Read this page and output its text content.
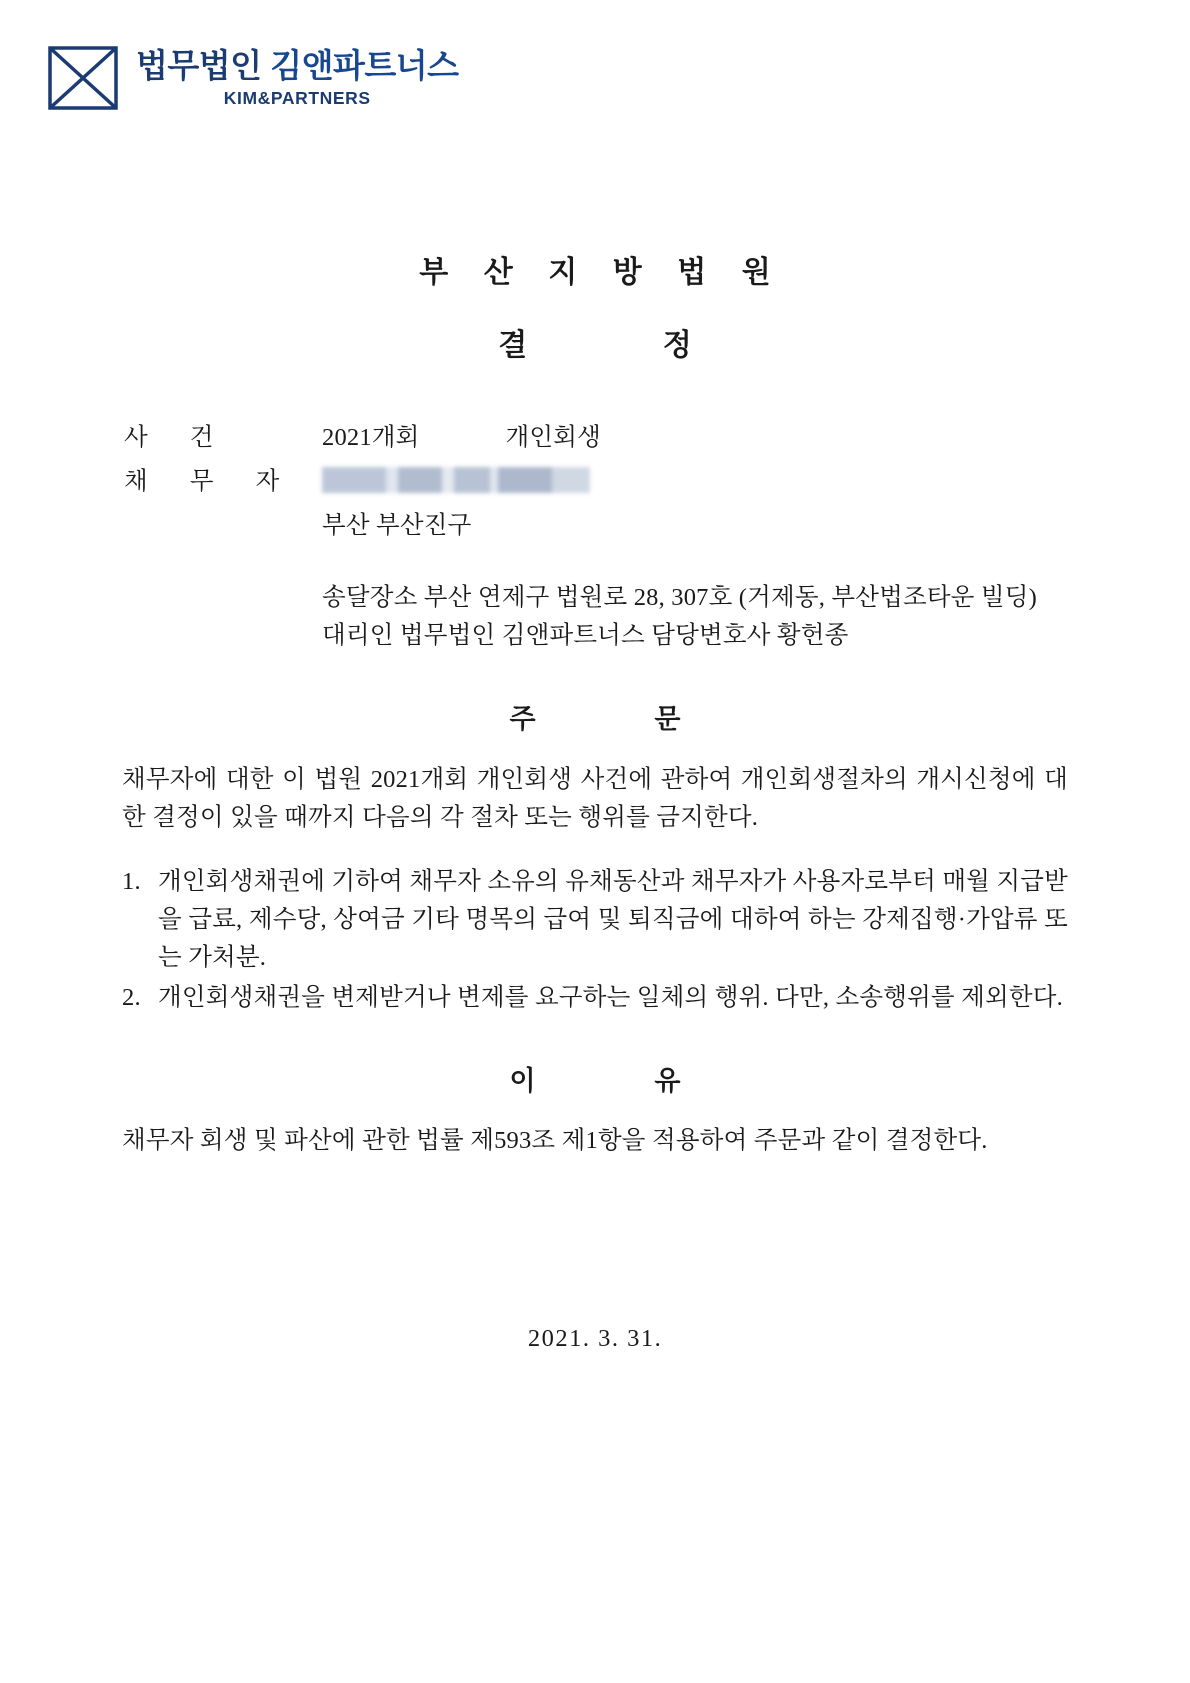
법무법인 김앤파트너스
KIM&PARTNERS
부 산 지 방 법 원
결 정
사 건	2021개회	개인회생
채 무 자
부산 부산진구
송달장소 부산 연제구 법원로 28, 307호 (거제동, 부산법조타운 빌딩)
대리인 법무법인 김앤파트너스 담당변호사 황헌종
주 문

채무자에 대한 이 법원 2021개회 개인회생 사건에 관하여 개인회생절차의 개시신청에 대한 결정이 있을 때까지 다음의 각 절차 또는 행위를 금지한다.

1. 개인회생채권에 기하여 채무자 소유의 유채동산과 채무자가 사용자로부터 매월 지급받을 급료, 제수당, 상여금 기타 명목의 급여 및 퇴직금에 대하여 하는 강제집행·가압류 또는 가처분.
2. 개인회생채권을 변제받거나 변제를 요구하는 일체의 행위. 다만, 소송행위를 제외한다.
이 유

채무자 회생 및 파산에 관한 법률 제593조 제1항을 적용하여 주문과 같이 결정한다.

2021. 3. 31.
